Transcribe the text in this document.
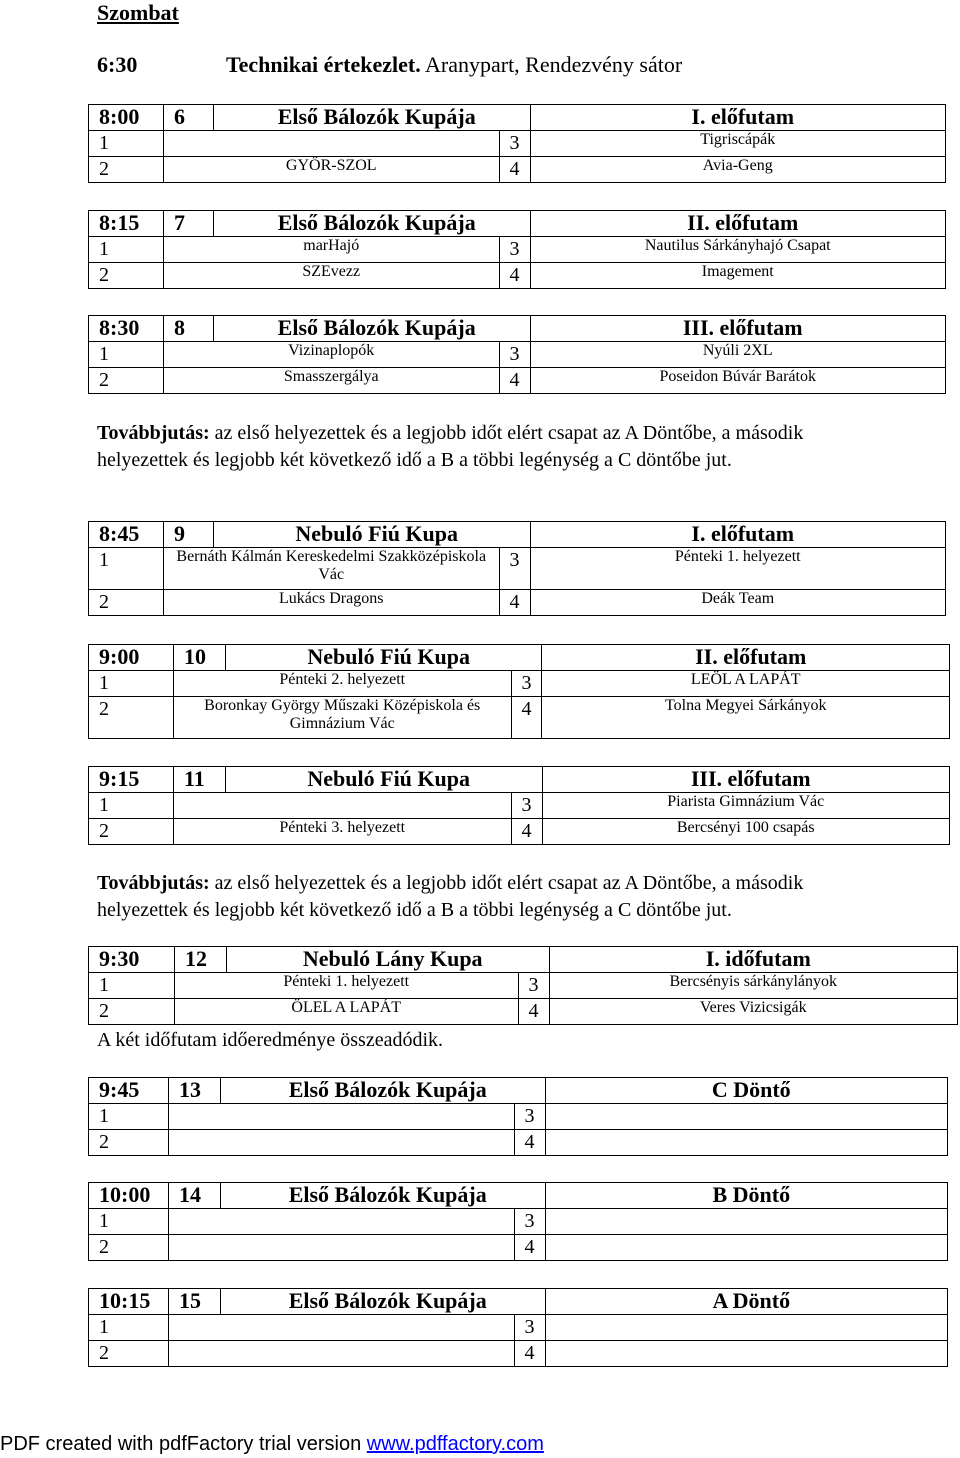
Szombat
6:30	Technikai értekezlet. Aranypart, Rendezvény sátor
8:00	6	Első Bálozók Kupája		I. előfutam
1			3	Tigriscápák
2	GYŐR-SZOL		4	Avia-Geng
8:15	7	Első Bálozók Kupája		II. előfutam
1	marHajó		3	Nautilus Sárkányhajó Csapat
2	SZEvezz		4	Imagement
8:30	8	Első Bálozók Kupája		III. előfutam
1	Vizinaplopók		3	Nyúli 2XL
2	Smasszergálya		4	Poseidon Búvár Barátok
8:45	9	Nebuló Fiú Kupa		I. előfutam
1	Bernáth Kálmán Kereskedelmi Szakközépiskola Vác		3	Pénteki 1. helyezett
2	Lukács Dragons		4	Deák Team
9:00	10	Nebuló Fiú Kupa		II. előfutam
1	Pénteki 2. helyezett		3	LEÖL A LAPÁT
2	Boronkay György Műszaki Középiskola és Gimnázium Vác		4	Tolna Megyei Sárkányok
9:15	11	Nebuló Fiú Kupa		III. előfutam
1			3	Piarista Gimnázium Vác
2	Pénteki 3. helyezett		4	Bercsényi 100 csapás
9:30	12	Nebuló Lány Kupa		I. időfutam
1	Pénteki 1. helyezett		3	Bercsényis sárkánylányok
2	ÖLEL A LAPÁT		4	Veres Vizicsigák
9:45	13	Első Bálozók Kupája		C Döntő
1			3	
2			4	
10:00	14	Első Bálozók Kupája		B Döntő
1			3	
2			4	
10:15	15	Első Bálozók Kupája		A Döntő
1			3	
2			4	
Továbbjutás: az első helyezettek és a legjobb időt elért csapat az A Döntőbe, a második helyezettek és legjobb két következő idő a B a többi legénység a C döntőbe jut.
Továbbjutás: az első helyezettek és a legjobb időt elért csapat az A Döntőbe, a második helyezettek és legjobb két következő idő a B a többi legénység a C döntőbe jut.
A két időfutam időeredménye összeadódik.
PDF created with pdfFactory trial version www.pdffactory.com
